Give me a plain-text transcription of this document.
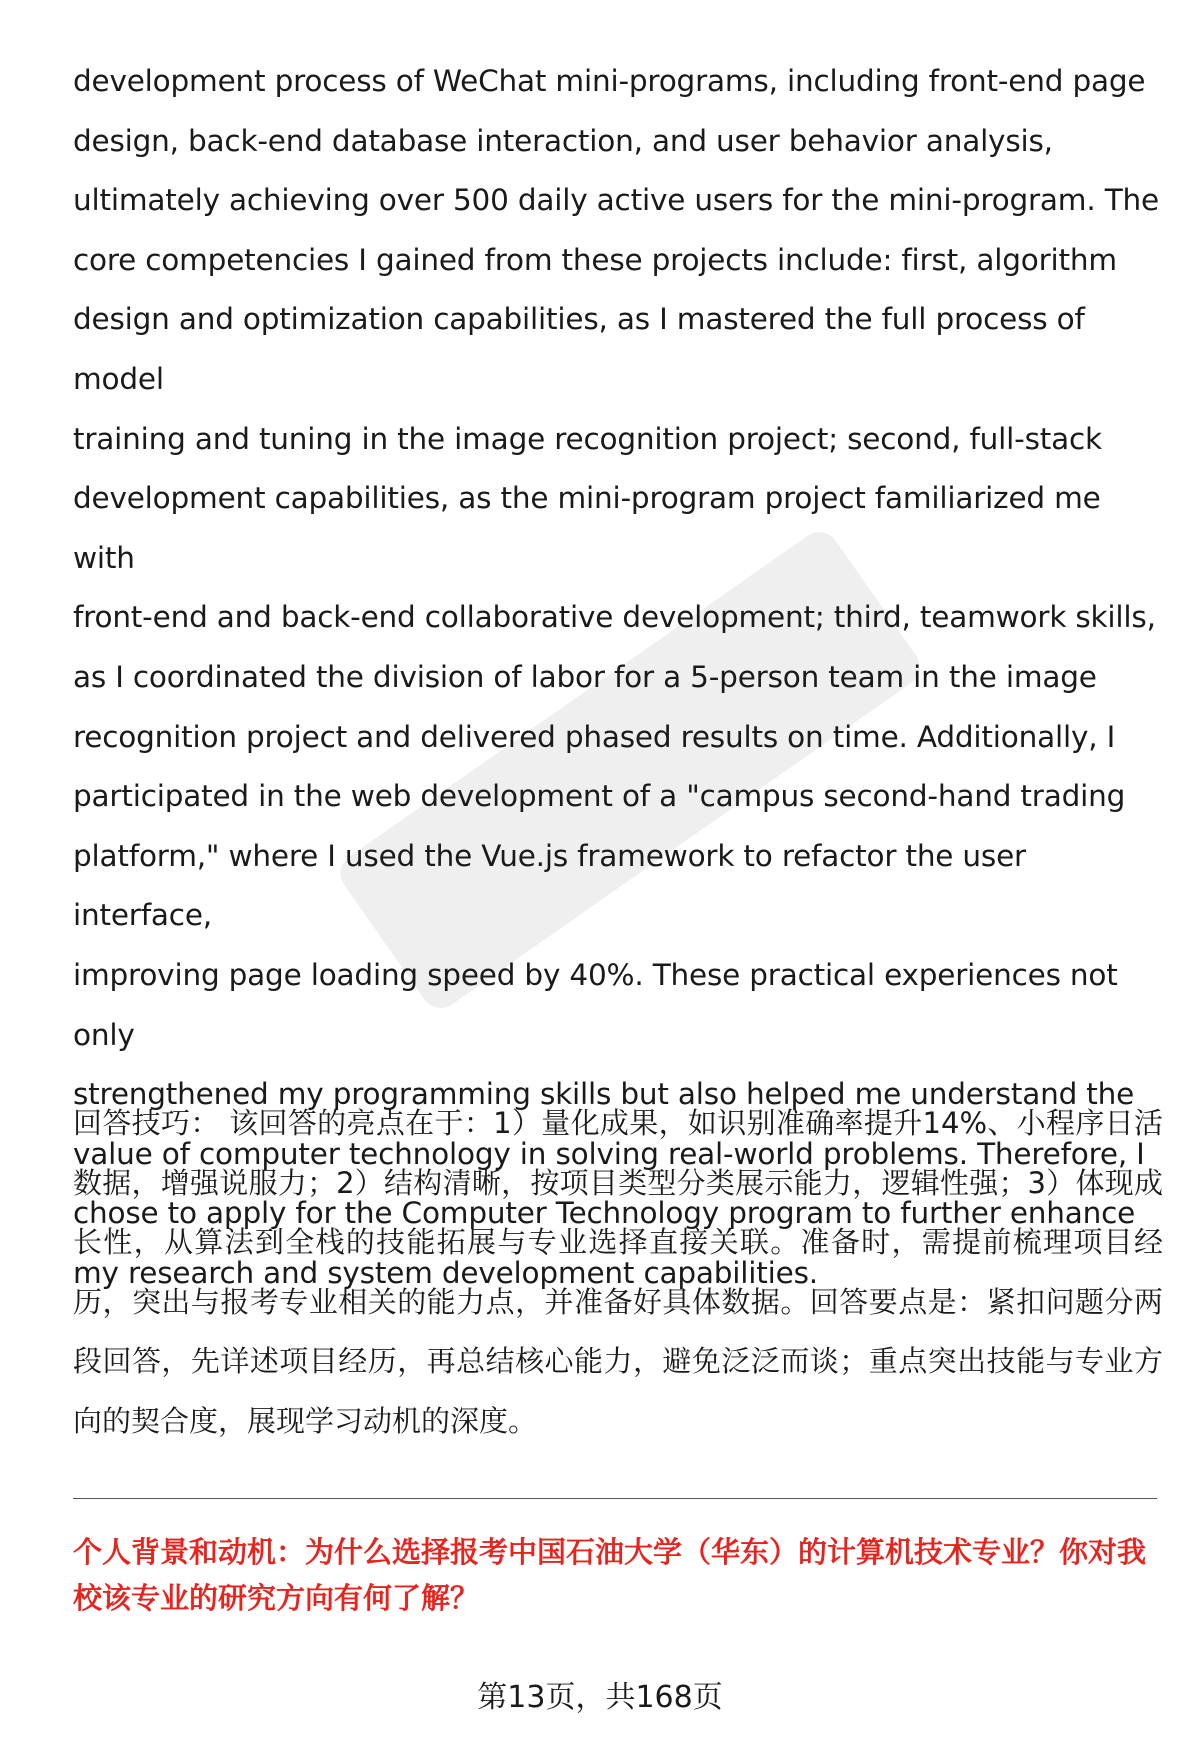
development process of WeChat mini-programs, including front-end page
design, back-end database interaction, and user behavior analysis,
ultimately achieving over 500 daily active users for the mini-program. The
core competencies I gained from these projects include: first, algorithm
design and optimization capabilities, as I mastered the full process of model
training and tuning in the image recognition project; second, full-stack
development capabilities, as the mini-program project familiarized me with
front-end and back-end collaborative development; third, teamwork skills,
as I coordinated the division of labor for a 5-person team in the image
recognition project and delivered phased results on time. Additionally, I
participated in the web development of a "campus second-hand trading
platform," where I used the Vue.js framework to refactor the user interface,
improving page loading speed by 40%. These practical experiences not only
strengthened my programming skills but also helped me understand the
value of computer technology in solving real-world problems. Therefore, I
chose to apply for the Computer Technology program to further enhance
my research and system development capabilities.

回答技巧： 该回答的亮点在于：1）量化成果，如识别准确率提升14%、小程序日活数据，增强说服力；2）结构清晰，按项目类型分类展示能力，逻辑性强；3）体现成长性，从算法到全栈的技能拓展与专业选择直接关联。准备时，需提前梳理项目经历，突出与报考专业相关的能力点，并准备好具体数据。回答要点是：紧扣问题分两段回答，先详述项目经历，再总结核心能力，避免泛泛而谈；重点突出技能与专业方向的契合度，展现学习动机的深度。

个人背景和动机：为什么选择报考中国石油大学（华东）的计算机技术专业？你对我校该专业的研究方向有何了解？

第13页，共168页
